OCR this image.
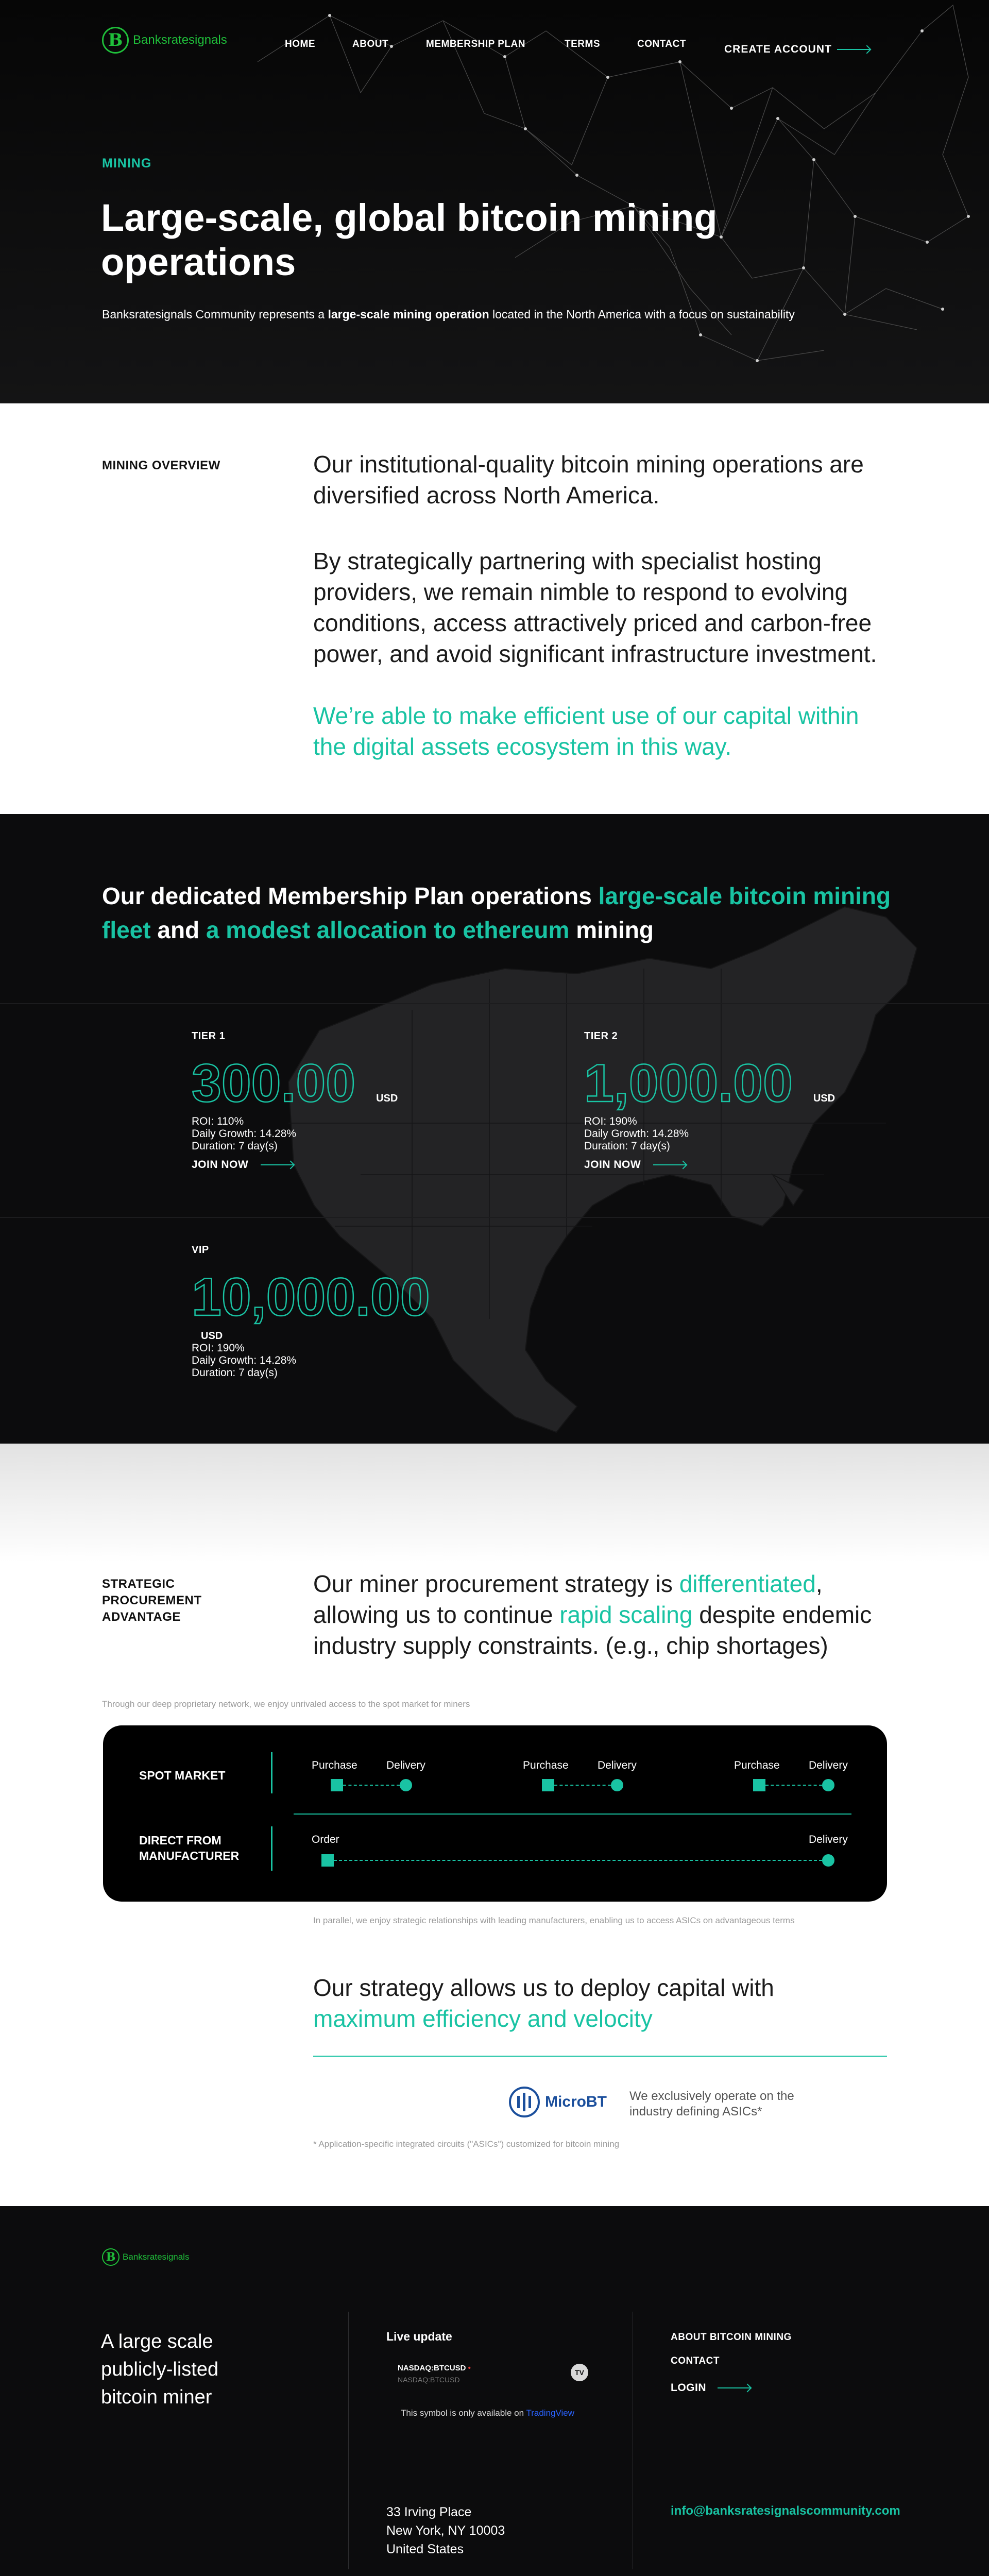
B Banksratesignals	HOME	ABOUT	MEMBERSHIP PLAN	TERMS	CONTACT	CREATE ACCOUNT
MINING
Large-scale, global bitcoin mining operations

Banksratesignals Community represents a large-scale mining operation located in the North America with a focus on sustainability

MINING OVERVIEW	Our institutional-quality bitcoin mining operations are diversified across North America.

By strategically partnering with specialist hosting providers, we remain nimble to respond to evolving conditions, access attractively priced and carbon-free power, and avoid significant infrastructure investment.

We’re able to make efficient use of our capital within the digital assets ecosystem in this way.

Our dedicated Membership Plan operations large-scale bitcoin mining fleet and a modest allocation to ethereum mining
TIER 1
300.00 USD
ROI: 110%
Daily Growth: 14.28%
Duration: 7 day(s)
JOIN NOW
TIER 2
1,000.00 USD
ROI: 190%
Daily Growth: 14.28%
Duration: 7 day(s)
JOIN NOW
VIP
10,000.00
USD
ROI: 190%
Daily Growth: 14.28%
Duration: 7 day(s)
STRATEGIC PROCUREMENT ADVANTAGE

Our miner procurement strategy is differentiated, allowing us to continue rapid scaling despite endemic industry supply constraints. (e.g., chip shortages)

Through our deep proprietary network, we enjoy unrivaled access to the spot market for miners
SPOT MARKET
DIRECT FROM MANUFACTURER
Purchase	Delivery	Purchase	Delivery	Purchase	Delivery
Order	Delivery
In parallel, we enjoy strategic relationships with leading manufacturers, enabling us to access ASICs on advantageous terms

Our strategy allows us to deploy capital with maximum efficiency and velocity

MicroBT We exclusively operate on the industry defining ASICs*
* Application-specific integrated circuits ("ASICs") customized for bitcoin mining
B Banksratesignals
A large scale publicly-listed bitcoin miner
Live update
NASDAQ:BTCUSD •
NASDAQ:BTCUSD
TV
This symbol is only available on TradingView
ABOUT BITCOIN MINING
CONTACT
LOGIN
33 Irving Place
New York, NY 10003
United States
info@banksratesignalscommunity.com
